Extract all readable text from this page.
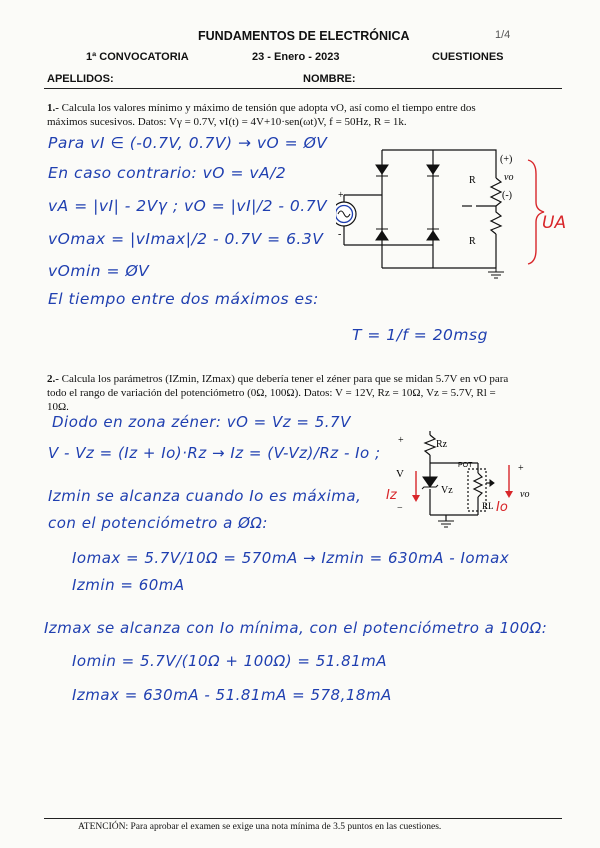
FUNDAMENTOS DE ELECTRÓNICA	1/4
1ª CONVOCATORIA	23 - Enero - 2023	CUESTIONES
APELLIDOS:	NOMBRE:
1.- Calcula los valores mínimo y máximo de tensión que adopta vO, así como el tiempo entre dos
máximos sucesivos. Datos: Vγ = 0.7V, vI(t) = 4V+10·sen(ωt)V, f = 50Hz, R = 1k.
Para vI ∈ (-0.7V, 0.7V) → vO = ØV
En caso contrario: vO = vA/2
vA = |vI| - 2Vγ ; vO = |vI|/2 - 0.7V
vOmax = |vImax|/2 - 0.7V = 6.3V
vOmin = ØV
El tiempo entre dos máximos es:
T = 1/f = 20msg
R
R
(+)
vo
(-)
+
-
UA
2.- Calcula los parámetros (IZmin, IZmax) que debería tener el zéner para que se midan 5.7V en vO para
todo el rango de variación del potenciómetro (0Ω, 100Ω). Datos: V = 12V, Rz = 10Ω, Vz = 5.7V, Rl =
10Ω.
Diodo en zona zéner: vO = Vz = 5.7V
V - Vz = (Iz + Io)·Rz → Iz = (V-Vz)/Rz - Io ;
Izmin se alcanza cuando Io es máxima,
con el potenciómetro a ØΩ:
Iomax = 5.7V/10Ω = 570mA → Izmin = 630mA - Iomax
Izmin = 60mA
Izmax se alcanza con Io mínima, con el potenciómetro a 100Ω:
Iomin = 5.7V/(10Ω + 100Ω) = 51.81mA
Izmax = 630mA - 51.81mA = 578,18mA
+
V
−
Rz
Vz
POT
RL
+
vo
Iz
Io
ATENCIÓN: Para aprobar el examen se exige una nota mínima de 3.5 puntos en las cuestiones.
